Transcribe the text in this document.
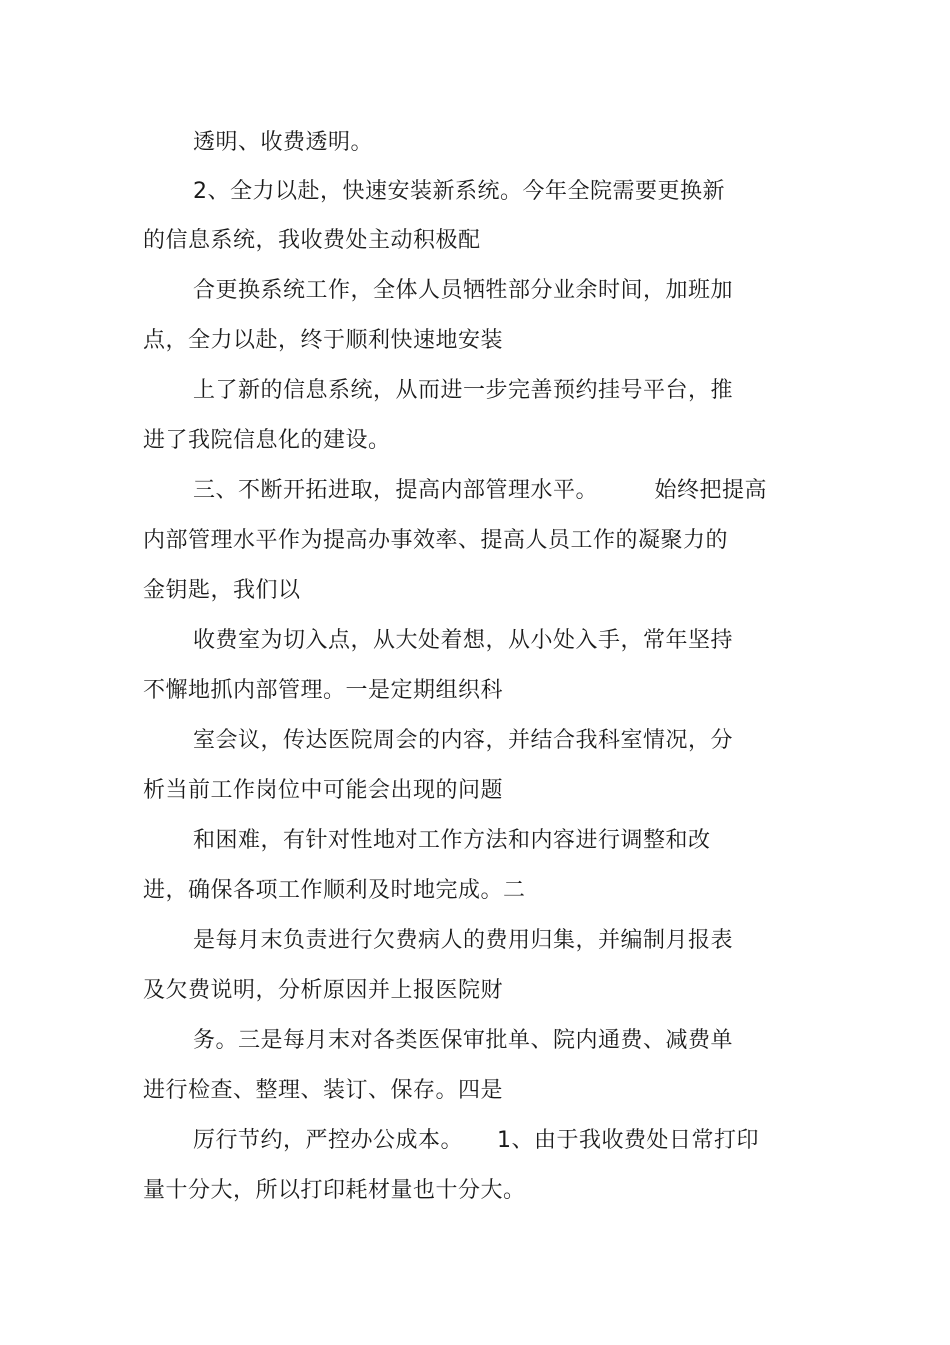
透明、收费透明。
2、全力以赴，快速安装新系统。今年全院需要更换新
的信息系统，我收费处主动积极配
合更换系统工作，全体人员牺牲部分业余时间，加班加
点，全力以赴，终于顺利快速地安装
上了新的信息系统，从而进一步完善预约挂号平台，推
进了我院信息化的建设。
三、不断开拓进取，提高内部管理水平。　　　始终把提高
内部管理水平作为提高办事效率、提高人员工作的凝聚力的
金钥匙，我们以
收费室为切入点，从大处着想，从小处入手，常年坚持
不懈地抓内部管理。一是定期组织科
室会议，传达医院周会的内容，并结合我科室情况，分
析当前工作岗位中可能会出现的问题
和困难，有针对性地对工作方法和内容进行调整和改
进，确保各项工作顺利及时地完成。二
是每月末负责进行欠费病人的费用归集，并编制月报表
及欠费说明，分析原因并上报医院财
务。三是每月末对各类医保审批单、院内通费、减费单
进行检查、整理、装订、保存。四是
厉行节约，严控办公成本。　　1、由于我收费处日常打印
量十分大，所以打印耗材量也十分大。
